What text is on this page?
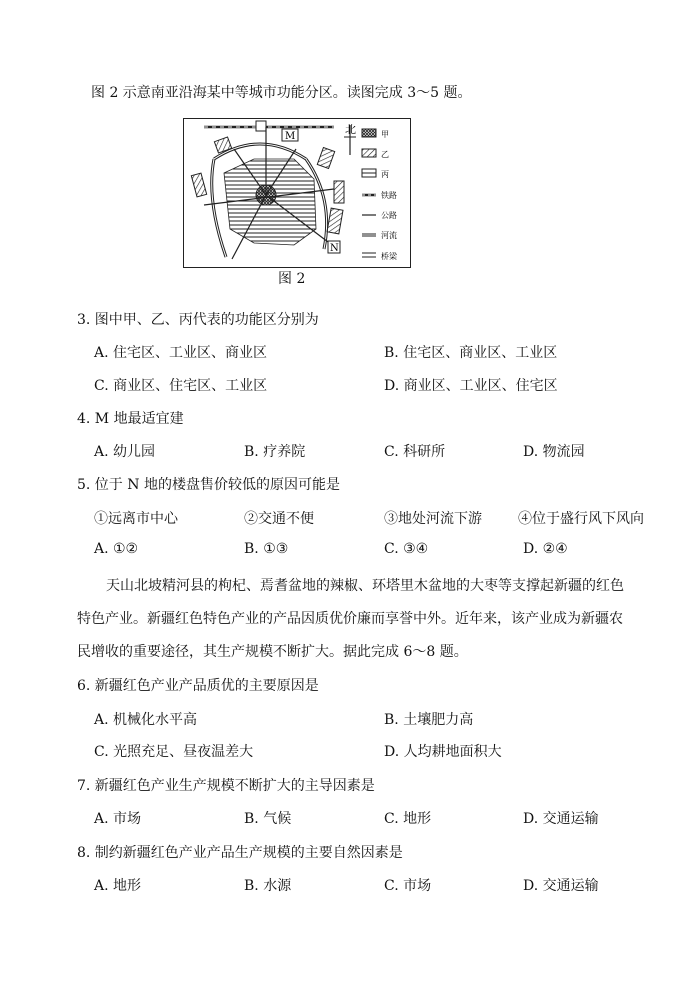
图 2 示意南亚沿海某中等城市功能分区。读图完成 3～5 题。
M
N
北	甲
乙
丙
铁路
公路
河流
桥梁
图 2
3. 图中甲、乙、丙代表的功能区分别为
A. 住宅区、工业区、商业区	B. 住宅区、商业区、工业区
C. 商业区、住宅区、工业区	D. 商业区、工业区、住宅区
4. M 地最适宜建
A. 幼儿园	B. 疗养院	C. 科研所	D. 物流园
5. 位于 N 地的楼盘售价较低的原因可能是
①远离市中心	②交通不便	③地处河流下游	④位于盛行风下风向
A. ①②	B. ①③	C. ③④	D. ②④
天山北坡精河县的枸杞、焉耆盆地的辣椒、环塔里木盆地的大枣等支撑起新疆的红色
特色产业。新疆红色特色产业的产品因质优价廉而享誉中外。近年来，该产业成为新疆农
民增收的重要途径，其生产规模不断扩大。据此完成 6～8 题。
6. 新疆红色产业产品质优的主要原因是
A. 机械化水平高	B. 土壤肥力高
C. 光照充足、昼夜温差大	D. 人均耕地面积大
7. 新疆红色产业生产规模不断扩大的主导因素是
A. 市场	B. 气候	C. 地形	D. 交通运输
8. 制约新疆红色产业产品生产规模的主要自然因素是
A. 地形	B. 水源	C. 市场	D. 交通运输
